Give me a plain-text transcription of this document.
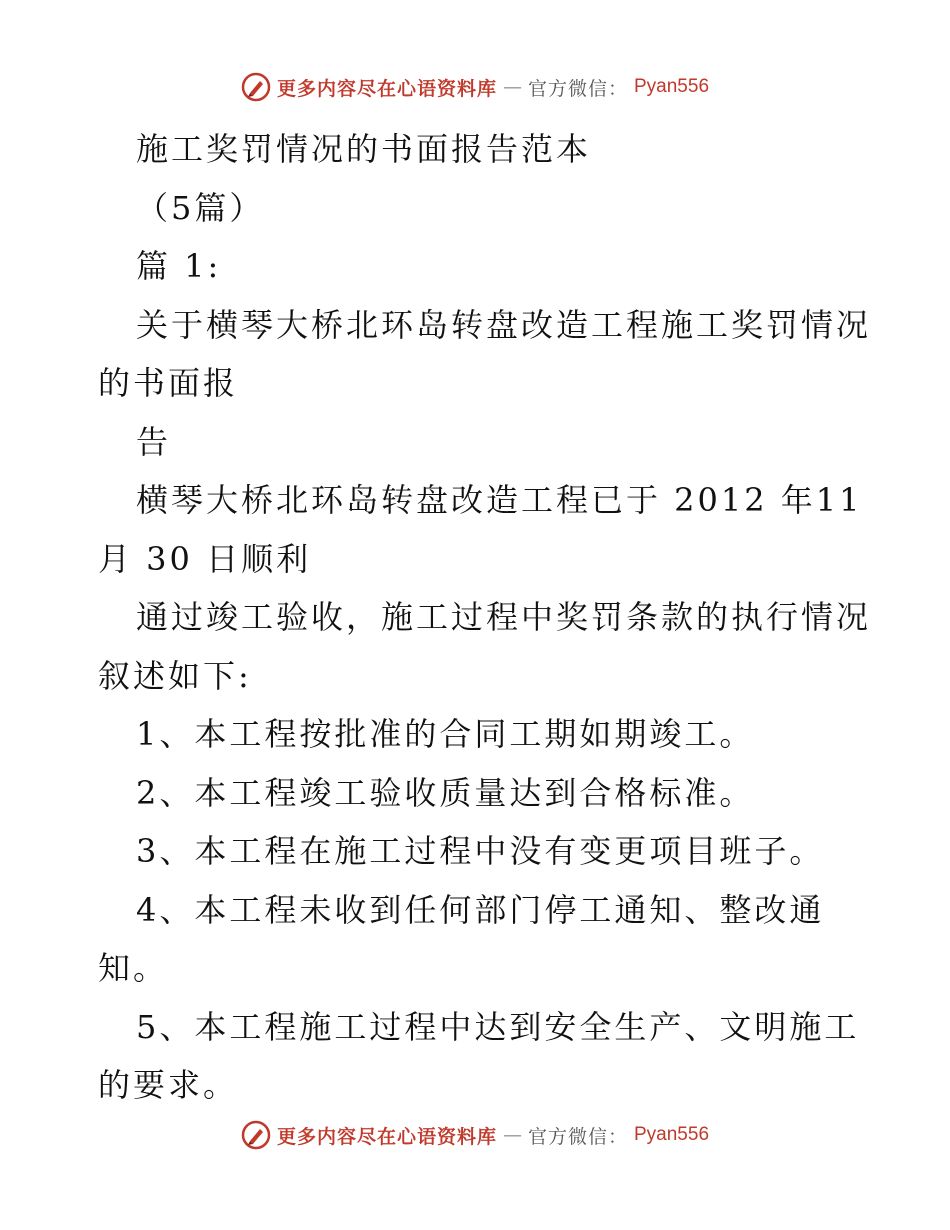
更多内容尽在心语资料库 — 官方微信： Pyan556
施工奖罚情况的书面报告范本
（5篇）
篇 1:
关于横琴大桥北环岛转盘改造工程施工奖罚情况
的书面报
告
横琴大桥北环岛转盘改造工程已于 2012 年11
月 30 日顺利
通过竣工验收，施工过程中奖罚条款的执行情况
叙述如下:
1、本工程按批准的合同工期如期竣工。
2、本工程竣工验收质量达到合格标准。
3、本工程在施工过程中没有变更项目班子。
4、本工程未收到任何部门停工通知、整改通
知。
5、本工程施工过程中达到安全生产、文明施工
的要求。
更多内容尽在心语资料库 — 官方微信： Pyan556
